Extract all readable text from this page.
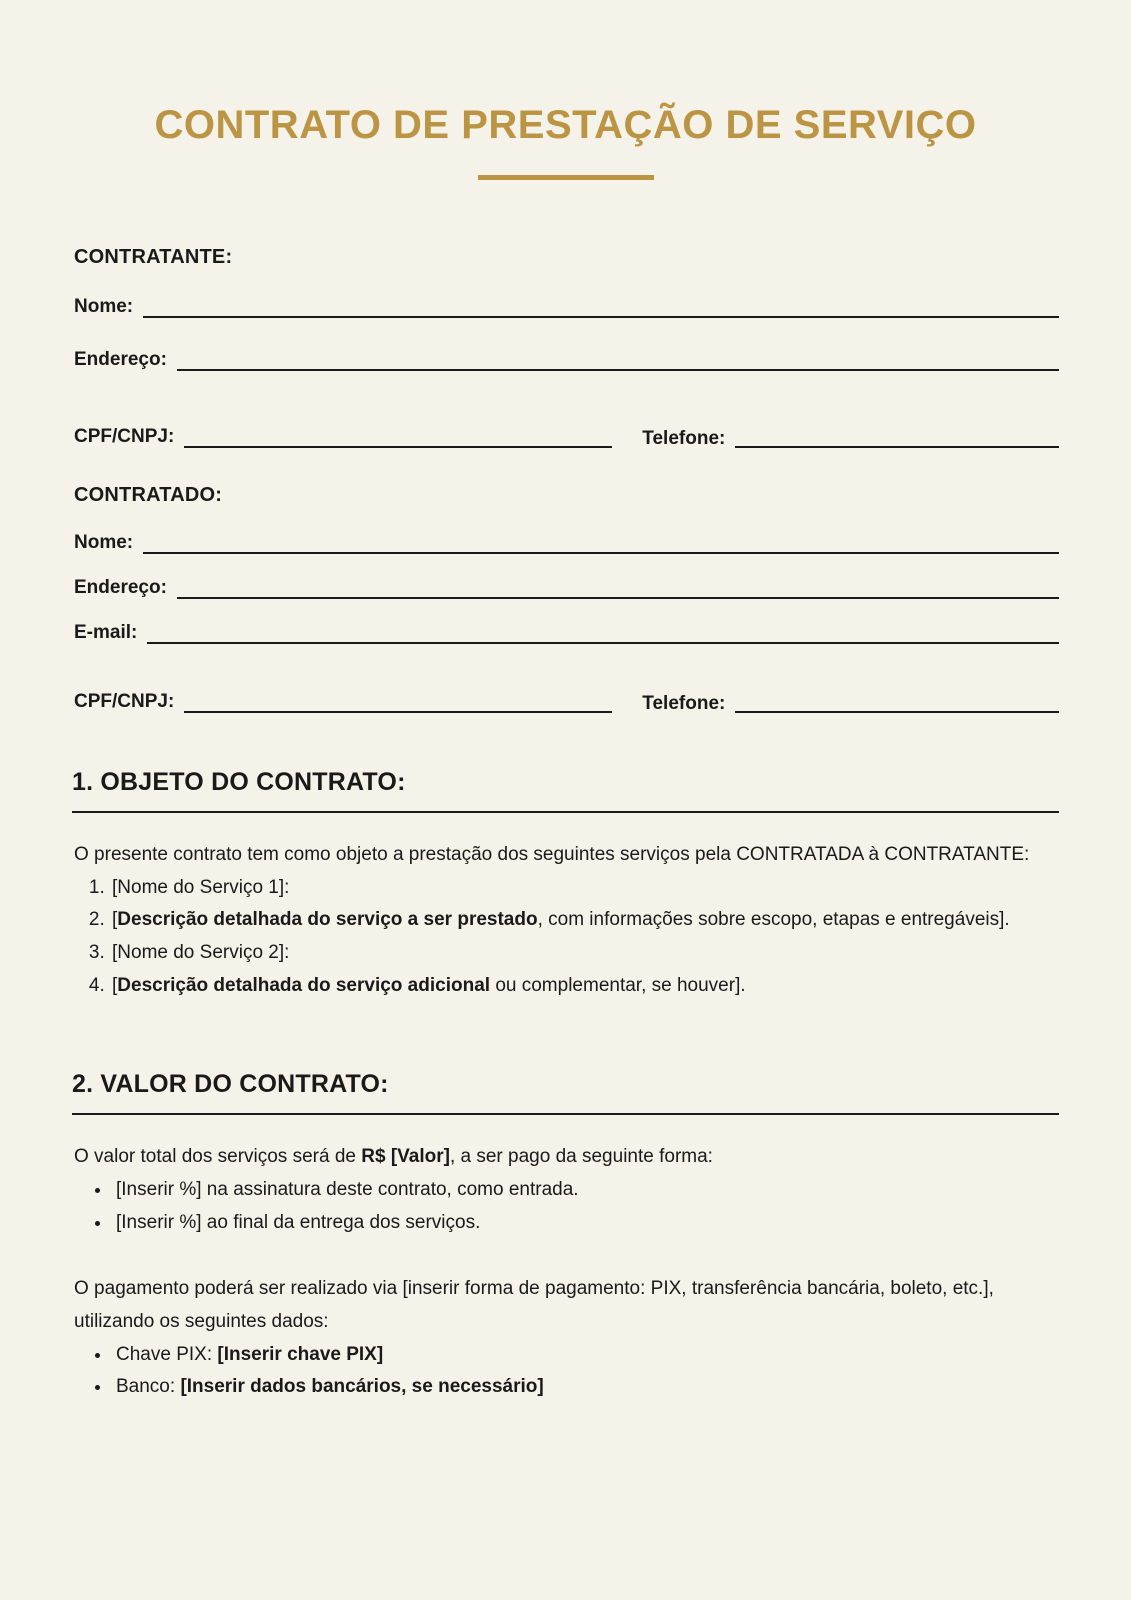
CONTRATO DE PRESTAÇÃO DE SERVIÇO
CONTRATANTE:
Nome:
Endereço:
CPF/CNPJ:	Telefone:
CONTRATADO:
Nome:
Endereço:
E-mail:
CPF/CNPJ:	Telefone:
1. OBJETO DO CONTRATO:

O presente contrato tem como objeto a prestação dos seguintes serviços pela CONTRATADA à CONTRATANTE:

1. [Nome do Serviço 1]:
2. [Descrição detalhada do serviço a ser prestado, com informações sobre escopo, etapas e entregáveis].
3. [Nome do Serviço 2]:
4. [Descrição detalhada do serviço adicional ou complementar, se houver].
2. VALOR DO CONTRATO:

O valor total dos serviços será de R$ [Valor], a ser pago da seguinte forma:

• [Inserir %] na assinatura deste contrato, como entrada.
• [Inserir %] ao final da entrega dos serviços.

O pagamento poderá ser realizado via [inserir forma de pagamento: PIX, transferência bancária, boleto, etc.], utilizando os seguintes dados:

• Chave PIX: [Inserir chave PIX]
• Banco: [Inserir dados bancários, se necessário]
